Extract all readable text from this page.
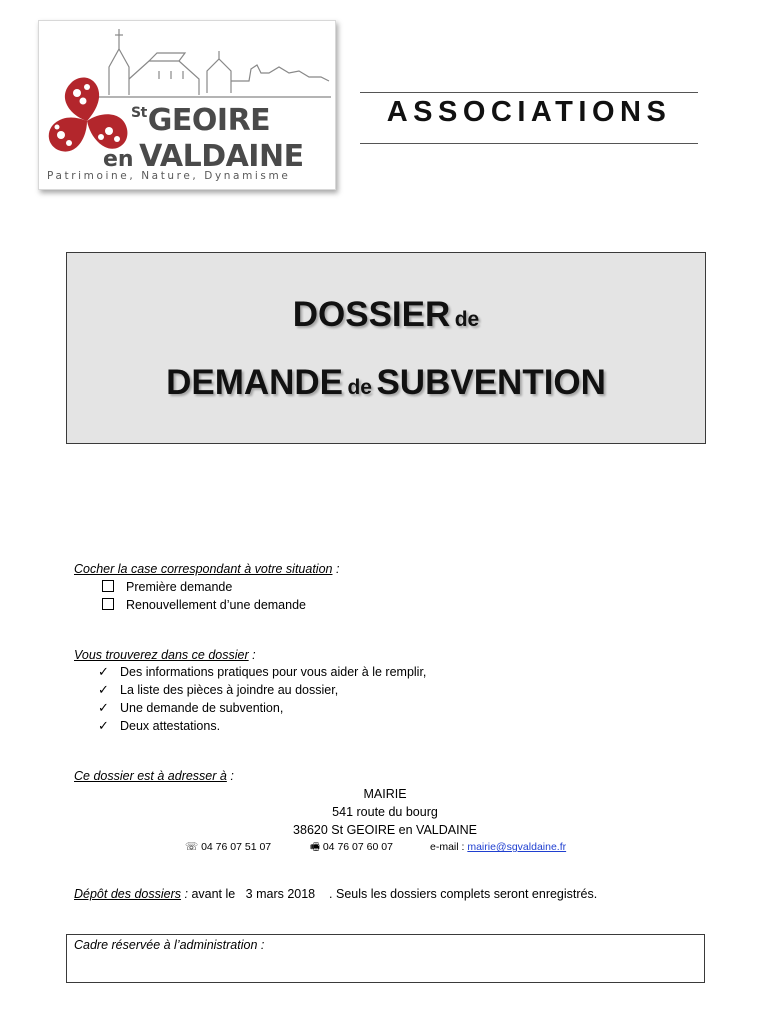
$^{St}$GEOIRE
en VALDAINE
Patrimoine, Nature, Dynamisme
ASSOCIATIONS
DOSSIER de
DEMANDE de SUBVENTION
Cocher la case correspondant à votre situation :
Première demande
Renouvellement d’une demande
Vous trouverez dans ce dossier :
✓ Des informations pratiques pour vous aider à le remplir,
✓ La liste des pièces à joindre au dossier,
✓ Une demande de subvention,
✓ Deux attestations.
Ce dossier est à adresser à :
MAIRIE
541 route du bourg
38620 St GEOIRE en VALDAINE
☏ 04 76 07 51 07	🖷 04 76 07 60 07	e-mail : mairie@sgvaldaine.fr
Dépôt des dossiers : avant le 3 mars 2018 . Seuls les dossiers complets seront enregistrés.
Cadre réservée à l’administration :
